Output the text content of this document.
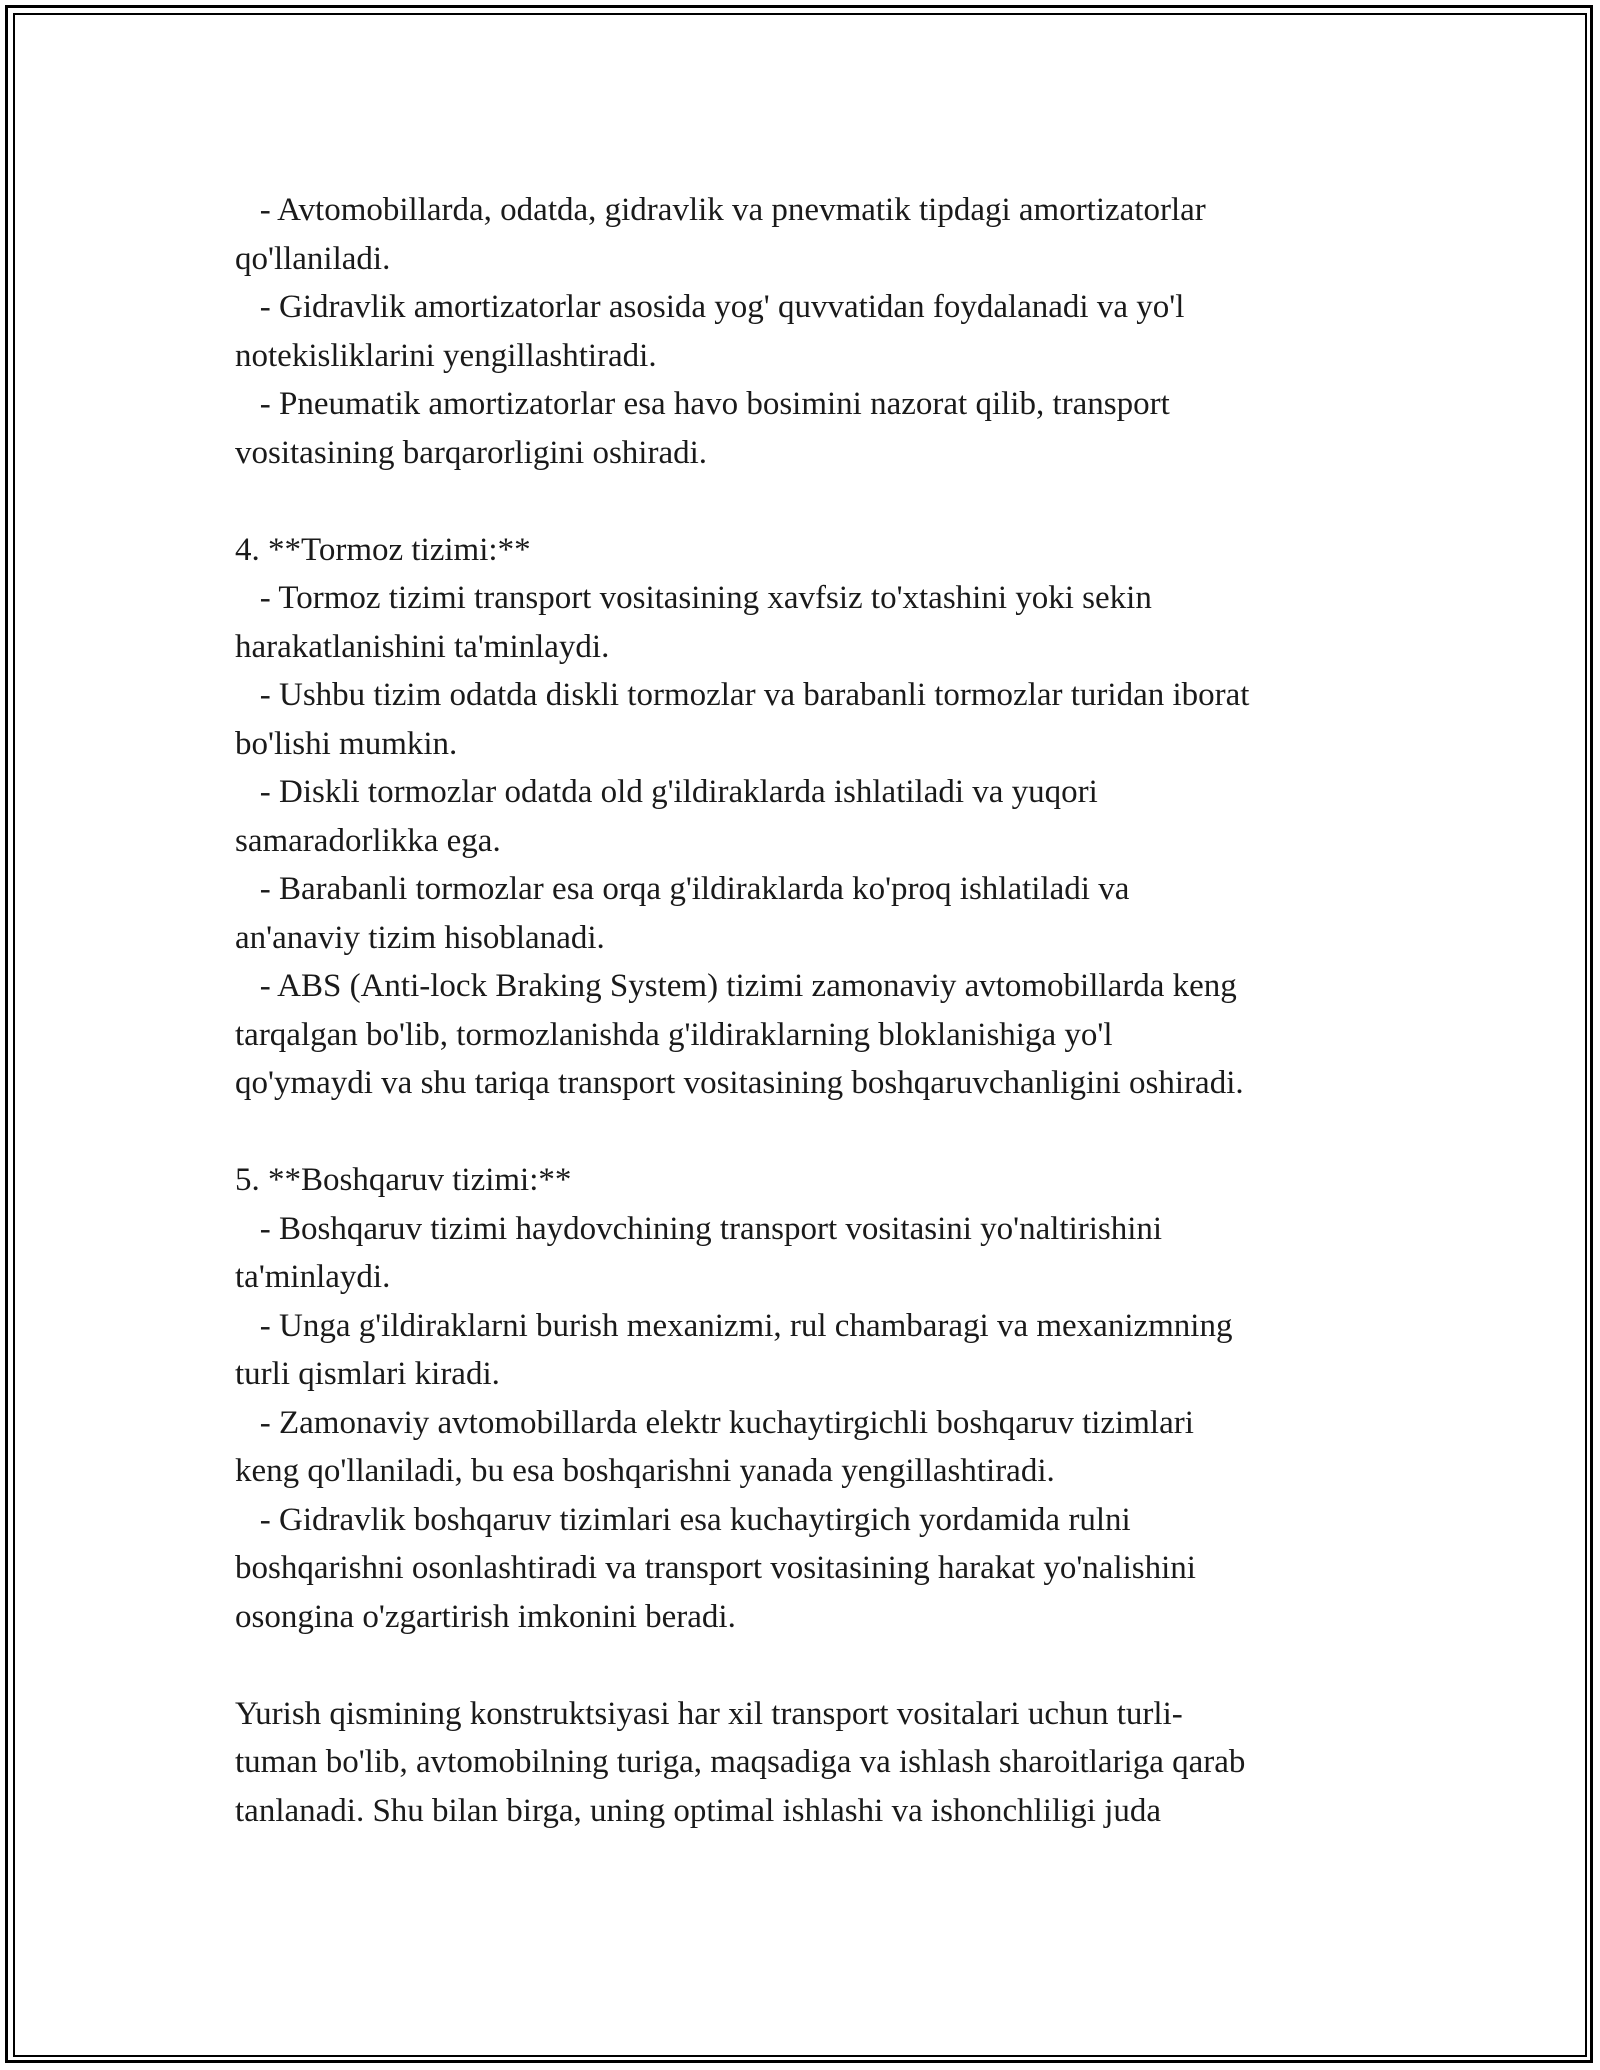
- Avtomobillarda, odatda, gidravlik va pnevmatik tipdagi amortizatorlar
qo'llaniladi.
- Gidravlik amortizatorlar asosida yog' quvvatidan foydalanadi va yo'l
notekisliklarini yengillashtiradi.
- Pneumatik amortizatorlar esa havo bosimini nazorat qilib, transport
vositasining barqarorligini oshiradi.
4. **Tormoz tizimi:**
- Tormoz tizimi transport vositasining xavfsiz to'xtashini yoki sekin
harakatlanishini ta'minlaydi.
- Ushbu tizim odatda diskli tormozlar va barabanli tormozlar turidan iborat
bo'lishi mumkin.
- Diskli tormozlar odatda old g'ildiraklarda ishlatiladi va yuqori
samaradorlikka ega.
- Barabanli tormozlar esa orqa g'ildiraklarda ko'proq ishlatiladi va
an'anaviy tizim hisoblanadi.
- ABS (Anti-lock Braking System) tizimi zamonaviy avtomobillarda keng
tarqalgan bo'lib, tormozlanishda g'ildiraklarning bloklanishiga yo'l
qo'ymaydi va shu tariqa transport vositasining boshqaruvchanligini oshiradi.
5. **Boshqaruv tizimi:**
- Boshqaruv tizimi haydovchining transport vositasini yo'naltirishini
ta'minlaydi.
- Unga g'ildiraklarni burish mexanizmi, rul chambaragi va mexanizmning
turli qismlari kiradi.
- Zamonaviy avtomobillarda elektr kuchaytirgichli boshqaruv tizimlari
keng qo'llaniladi, bu esa boshqarishni yanada yengillashtiradi.
- Gidravlik boshqaruv tizimlari esa kuchaytirgich yordamida rulni
boshqarishni osonlashtiradi va transport vositasining harakat yo'nalishini
osongina o'zgartirish imkonini beradi.
Yurish qismining konstruktsiyasi har xil transport vositalari uchun turli-
tuman bo'lib, avtomobilning turiga, maqsadiga va ishlash sharoitlariga qarab
tanlanadi. Shu bilan birga, uning optimal ishlashi va ishonchliligi juda
